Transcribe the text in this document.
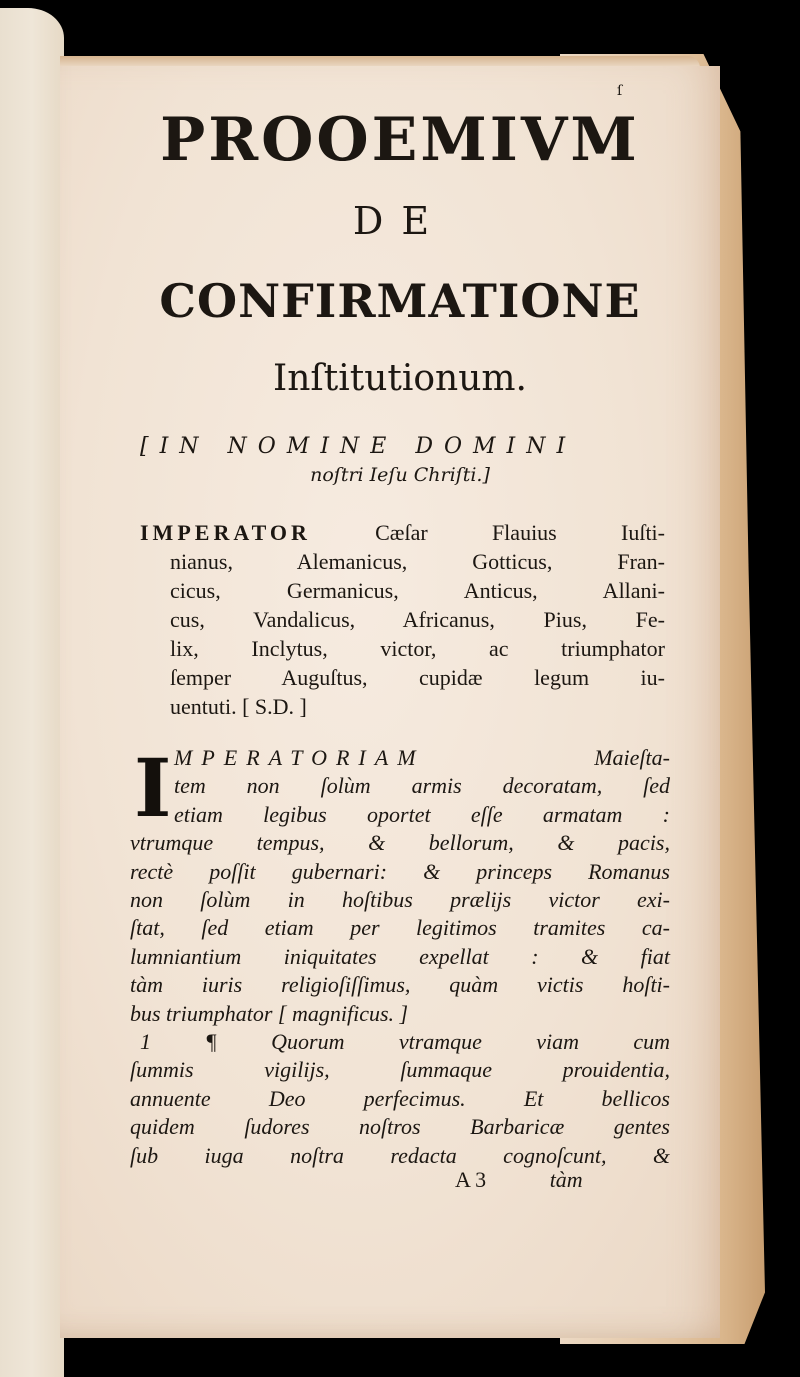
ſ
PROOEMIVM
DE
CONFIRMATIONE
Inſtitutionum.
[IN NOMINE DOMINI
noſtri Ieſu Chriſti.]
IMPERATOR Cæſar Flauius Iuſti-
nianus, Alemanicus, Gotticus, Fran-
cicus, Germanicus, Anticus, Allani-
cus, Vandalicus, Africanus, Pius, Fe-
lix, Inclytus, victor, ac triumphator
ſemper Auguſtus, cupidæ legum iu-
uentuti. [ S.D. ]
I MPERATORIAM Maieſta-
tem non ſolùm armis decoratam, ſed
etiam legibus oportet eſſe armatam :
vtrumque tempus, & bellorum, & pacis,
rectè poſſit gubernari: & princeps Romanus
non ſolùm in hoſtibus prælijs victor exi-
ſtat, ſed etiam per legitimos tramites ca-
lumniantium iniquitates expellat : & fiat
tàm iuris religioſiſſimus, quàm victis hoſti-
bus triumphator [ magnificus. ]
1 ¶ Quorum vtramque viam cum
ſummis vigilijs, ſummaque prouidentia,
annuente Deo perfecimus. Et bellicos
quidem ſudores noſtros Barbaricæ gentes
ſub iuga noſtra redacta cognoſcunt, &
A 3	tàm
